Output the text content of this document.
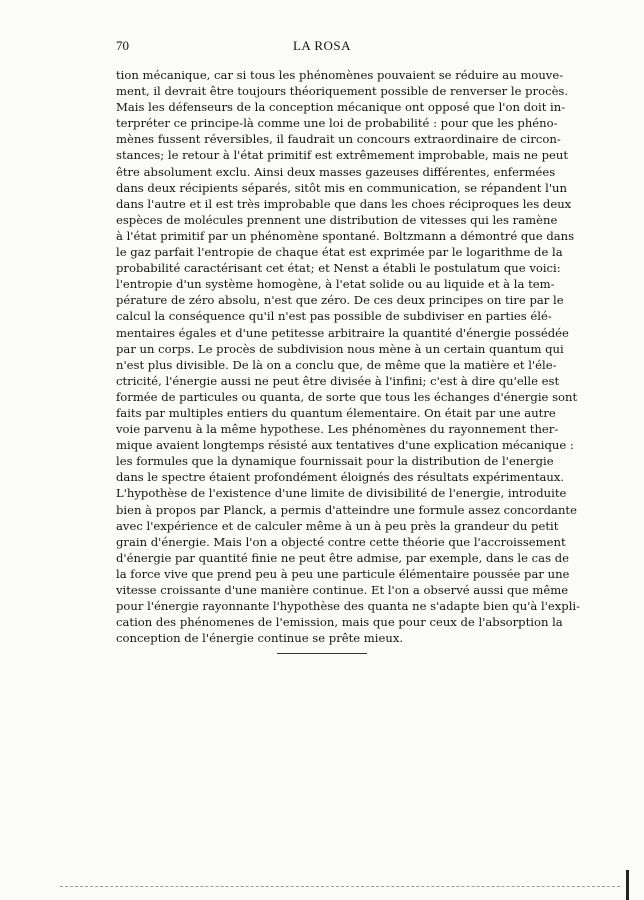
70	LA ROSA
tion mécanique, car si tous les phénomènes pouvaient se réduire au mouve-
ment, il devrait être toujours théoriquement possible de renverser le procès.
Mais les défenseurs de la conception mécanique ont opposé que l'on doit in-
terpréter ce principe-là comme une loi de probabilité : pour que les phéno-
mènes fussent réversibles, il faudrait un concours extraordinaire de circon-
stances; le retour à l'état primitif est extrêmement improbable, mais ne peut
être absolument exclu. Ainsi deux masses gazeuses différentes, enfermées
dans deux récipients séparés, sitôt mis en communication, se répandent l'un
dans l'autre et il est très improbable que dans les choes réciproques les deux
espèces de molécules prennent une distribution de vitesses qui les ramène
à l'état primitif par un phénomène spontané. Boltzmann a démontré que dans
le gaz parfait l'entropie de chaque état est exprimée par le logarithme de la
probabilité caractérisant cet état; et Nenst a établi le postulatum que voici:
l'entropie d'un système homogène, à l'etat solide ou au liquide et à la tem-
pérature de zéro absolu, n'est que zéro. De ces deux principes on tire par le
calcul la conséquence qu'il n'est pas possible de subdiviser en parties élé-
mentaires égales et d'une petitesse arbitraire la quantité d'énergie possédée
par un corps. Le procès de subdivision nous mène à un certain quantum qui
n'est plus divisible. De là on a conclu que, de même que la matière et l'éle-
ctricité, l'énergie aussi ne peut être divisée à l'infini; c'est à dire qu'elle est
formée de particules ou quanta, de sorte que tous les échanges d'énergie sont
faits par multiples entiers du quantum élementaire. On était par une autre
voie parvenu à la même hypothese. Les phénomènes du rayonnement ther-
mique avaient longtemps résisté aux tentatives d'une explication mécanique :
les formules que la dynamique fournissait pour la distribution de l'energie
dans le spectre étaient profondément éloignés des résultats expérimentaux.
L'hypothèse de l'existence d'une limite de divisibilité de l'energie, introduite
bien à propos par Planck, a permis d'atteindre une formule assez concordante
avec l'expérience et de calculer même à un à peu près la grandeur du petit
grain d'énergie. Mais l'on a objecté contre cette théorie que l'accroissement
d'énergie par quantité finie ne peut être admise, par exemple, dans le cas de
la force vive que prend peu à peu une particule élémentaire poussée par une
vitesse croissante d'une manière continue. Et l'on a observé aussi que même
pour l'énergie rayonnante l'hypothèse des quanta ne s'adapte bien qu'à l'expli-
cation des phénomenes de l'emission, mais que pour ceux de l'absorption la
conception de l'énergie continue se prête mieux.
